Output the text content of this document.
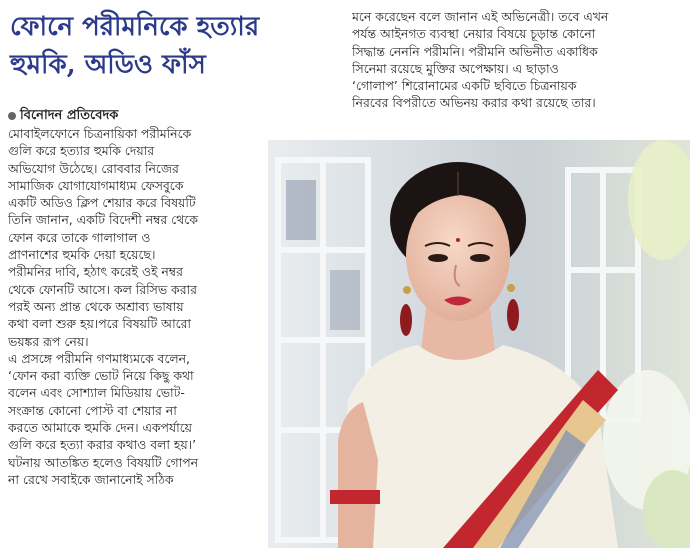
ফোনে পরীমনিকে হত্যার
হুমকি, অডিও ফাঁস
বিনোদন প্রতিবেদক
মোবাইলফোনে চিত্রনায়িকা পরীমনিকে
গুলি করে হত্যার হুমকি দেয়ার
অভিযোগ উঠেছে। রোববার নিজের
সামাজিক যোগাযোগমাধ্যম ফেসবুকে
একটি অডিও ক্লিপ শেয়ার করে বিষয়টি
তিনি জানান, একটি বিদেশী নম্বর থেকে
ফোন করে তাকে গালাগাল ও
প্রাণনাশের হুমকি দেয়া হয়েছে।
পরীমনির দাবি, হঠাৎ করেই ওই নম্বর
থেকে ফোনটি আসে। কল রিসিভ করার
পরই অন্য প্রান্ত থেকে অশ্রাব্য ভাষায়
কথা বলা শুরু হয়।পরে বিষয়টি আরো
ভয়ঙ্কর রূপ নেয়।
এ প্রসঙ্গে পরীমনি গণমাধ্যমকে বলেন,
‘ফোন করা ব্যক্তি ভোট নিয়ে কিছু কথা
বলেন এবং সোশ্যাল মিডিয়ায় ভোট-
সংক্রান্ত কোনো পোস্ট বা শেয়ার না
করতে আমাকে হুমকি দেন। একপর্যায়ে
গুলি করে হত্যা করার কথাও বলা হয়।’
ঘটনায় আতঙ্কিত হলেও বিষয়টি গোপন
না রেখে সবাইকে জানানোই সঠিক
মনে করেছেন বলে জানান এই অভিনেত্রী। তবে এখন
পর্যন্ত আইনগত ব্যবস্থা নেয়ার বিষয়ে চূড়ান্ত কোনো
সিদ্ধান্ত নেননি পরীমনি। পরীমনি অভিনীত একাধিক
সিনেমা রয়েছে মুক্তির অপেক্ষায়। এ ছাড়াও
‘গোলাপ’ শিরোনামের একটি ছবিতে চিত্রনায়ক
নিরবের বিপরীতে অভিনয় করার কথা রয়েছে তার।
